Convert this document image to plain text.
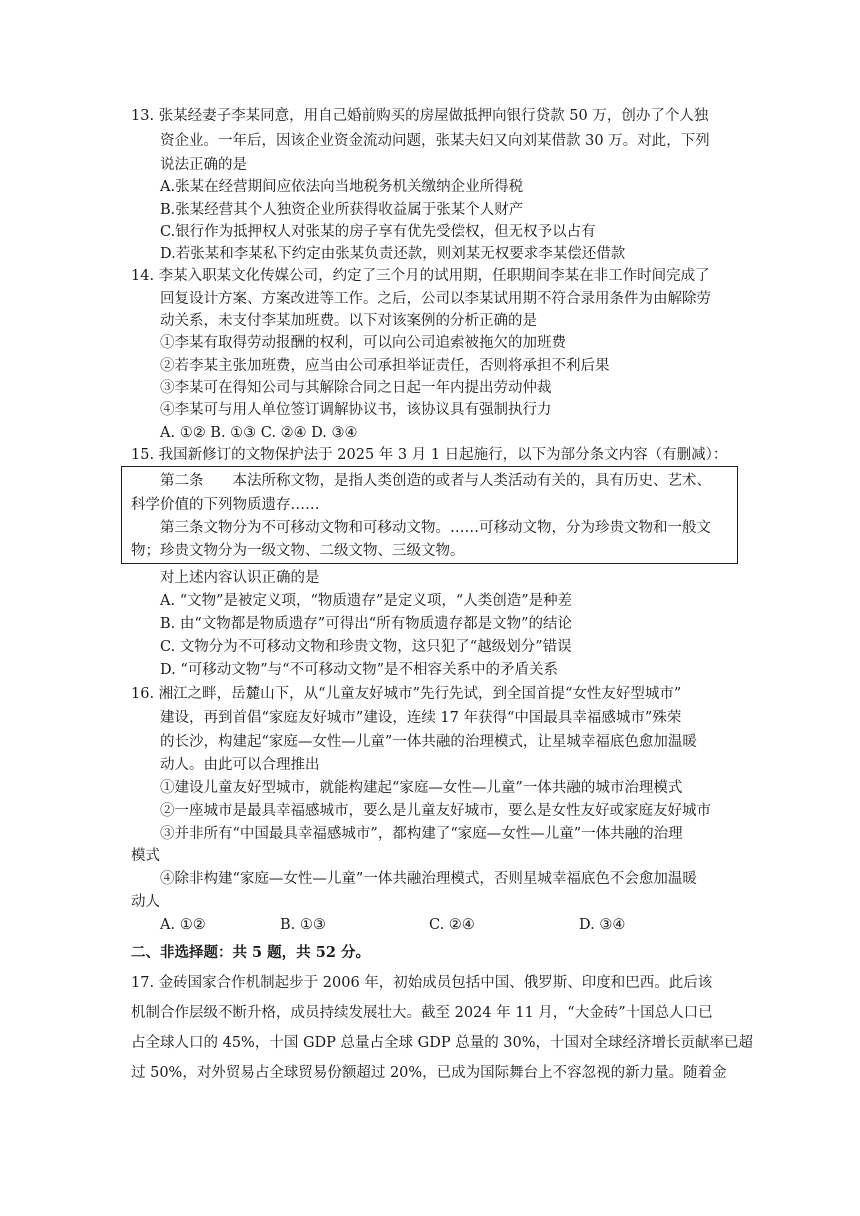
13. 张某经妻子李某同意，用自己婚前购买的房屋做抵押向银行贷款 50 万，创办了个人独
资企业。一年后，因该企业资金流动问题，张某夫妇又向刘某借款 30 万。对此，下列
说法正确的是
A.张某在经营期间应依法向当地税务机关缴纳企业所得税
B.张某经营其个人独资企业所获得收益属于张某个人财产
C.银行作为抵押权人对张某的房子享有优先受偿权，但无权予以占有
D.若张某和李某私下约定由张某负责还款，则刘某无权要求李某偿还借款
14. 李某入职某文化传媒公司，约定了三个月的试用期，任职期间李某在非工作时间完成了
回复设计方案、方案改进等工作。之后，公司以李某试用期不符合录用条件为由解除劳
动关系，未支付李某加班费。以下对该案例的分析正确的是
①李某有取得劳动报酬的权利，可以向公司追索被拖欠的加班费
②若李某主张加班费，应当由公司承担举证责任，否则将承担不利后果
③李某可在得知公司与其解除合同之日起一年内提出劳动仲裁
④李某可与用人单位签订调解协议书，该协议具有强制执行力
A. ①② B. ①③ C. ②④ D. ③④
15. 我国新修订的文物保护法于 2025 年 3 月 1 日起施行，以下为部分条文内容（有删减）：
第二条　　本法所称文物，是指人类创造的或者与人类活动有关的，具有历史、艺术、
科学价值的下列物质遗存……
第三条文物分为不可移动文物和可移动文物。……可移动文物，分为珍贵文物和一般文
物；珍贵文物分为一级文物、二级文物、三级文物。
对上述内容认识正确的是
A. “文物”是被定义项，“物质遗存”是定义项，“人类创造”是种差
B. 由“文物都是物质遗存”可得出“所有物质遗存都是文物”的结论
C. 文物分为不可移动文物和珍贵文物，这只犯了“越级划分”错误
D. “可移动文物”与“不可移动文物”是不相容关系中的矛盾关系
16. 湘江之畔，岳麓山下，从“儿童友好城市”先行先试，到全国首提“女性友好型城市”
建设，再到首倡“家庭友好城市”建设，连续 17 年获得“中国最具幸福感城市”殊荣
的长沙，构建起“家庭—女性—儿童”一体共融的治理模式，让星城幸福底色愈加温暖
动人。由此可以合理推出
①建设儿童友好型城市，就能构建起“家庭—女性—儿童”一体共融的城市治理模式
②一座城市是最具幸福感城市，要么是儿童友好城市，要么是女性友好或家庭友好城市
③并非所有“中国最具幸福感城市”，都构建了“家庭—女性—儿童”一体共融的治理
模式
④除非构建“家庭—女性—儿童”一体共融治理模式，否则星城幸福底色不会愈加温暖
动人
A. ①②	B. ①③	C. ②④	D. ③④
二、非选择题：共 5 题，共 52 分。
17. 金砖国家合作机制起步于 2006 年，初始成员包括中国、俄罗斯、印度和巴西。此后该
机制合作层级不断升格，成员持续发展壮大。截至 2024 年 11 月，“大金砖”十国总人口已
占全球人口的 45%，十国 GDP 总量占全球 GDP 总量的 30%，十国对全球经济增长贡献率已超
过 50%，对外贸易占全球贸易份额超过 20%，已成为国际舞台上不容忽视的新力量。随着金
